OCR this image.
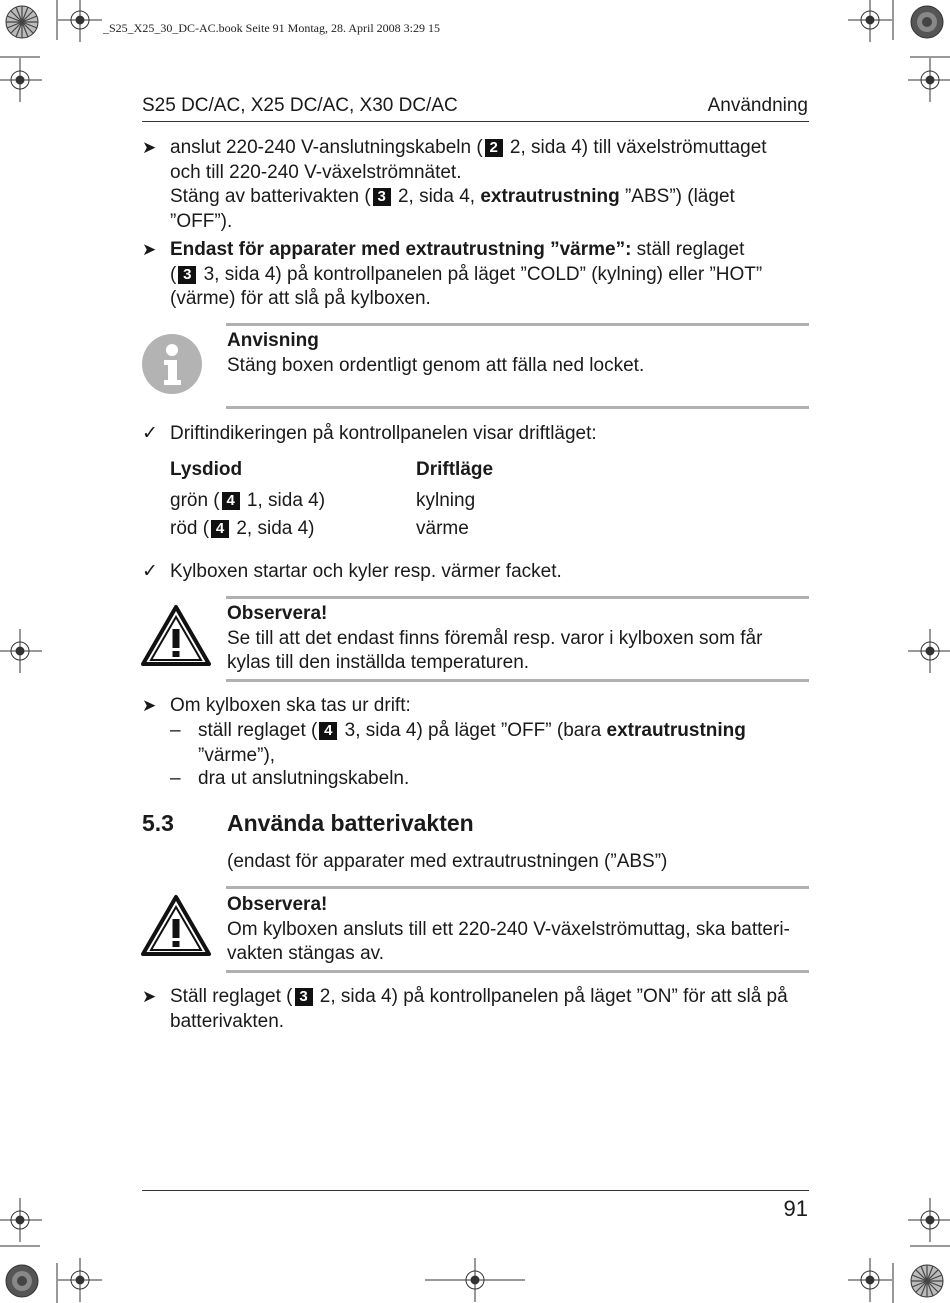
_S25_X25_30_DC-AC.book Seite 91 Montag, 28. April 2008 3:29 15
S25 DC/AC, X25 DC/AC, X30 DC/AC	Användning
➤ anslut 220-240 V-anslutningskabeln ( 2 2, sida 4) till växelströmuttaget
och till 220-240 V-växelströmnätet.
Stäng av batterivakten ( 3 2, sida 4, extrautrustning ”ABS”) (läget
”OFF”).
➤ Endast för apparater med extrautrustning ”värme”: ställ reglaget
( 3 3, sida 4) på kontrollpanelen på läget ”COLD” (kylning) eller ”HOT”
(värme) för att slå på kylboxen.
Anvisning
Stäng boxen ordentligt genom att fälla ned locket.
✓ Driftindikeringen på kontrollpanelen visar driftläget:
Lysdiod	Driftläge
grön ( 4 1, sida 4)	kylning
röd ( 4 2, sida 4)	värme
✓ Kylboxen startar och kyler resp. värmer facket.
Observera!
Se till att det endast finns föremål resp. varor i kylboxen som får
kylas till den inställda temperaturen.
➤ Om kylboxen ska tas ur drift:
– ställ reglaget ( 4 3, sida 4) på läget ”OFF” (bara extrautrustning
”värme”),
– dra ut anslutningskabeln.
5.3 Använda batterivakten
(endast för apparater med extrautrustningen (”ABS”)
Observera!
Om kylboxen ansluts till ett 220-240 V-växelströmuttag, ska batteri-
vakten stängas av.
➤ Ställ reglaget ( 3 2, sida 4) på kontrollpanelen på läget ”ON” för att slå på
batterivakten.
91
